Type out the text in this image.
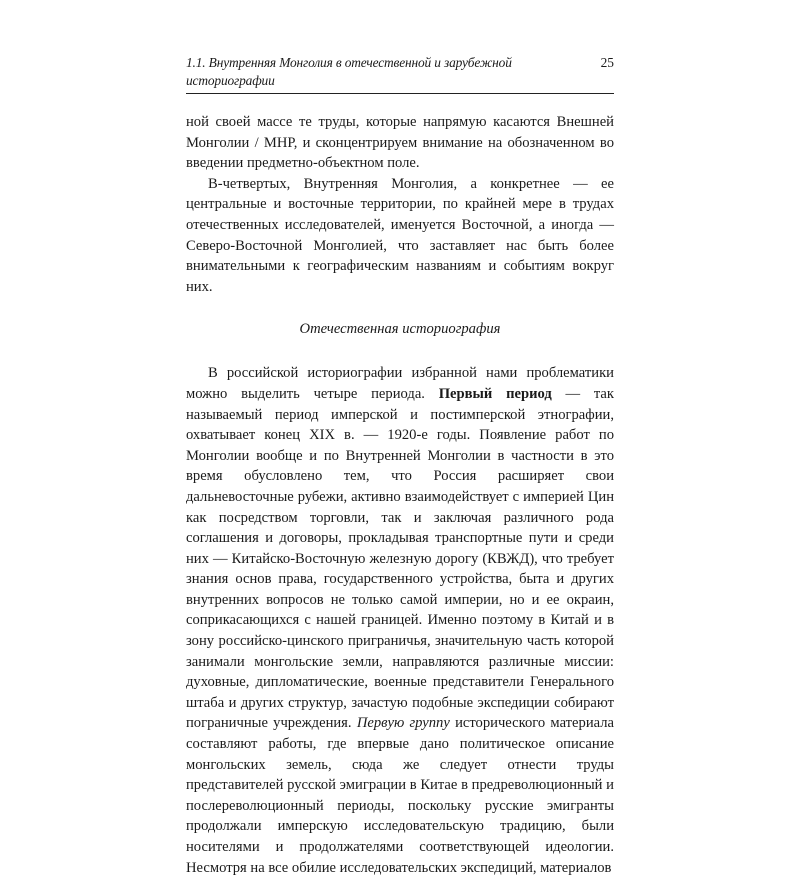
1.1. Внутренняя Монголия в отечественной и зарубежной историографии
25

ной своей массе те труды, которые напрямую касаются Внешней Монголии / МНР, и сконцентрируем внимание на обозначенном во введении предметно-объектном поле.

В-четвертых, Внутренняя Монголия, а конкретнее — ее центральные и восточные территории, по крайней мере в трудах отечественных исследователей, именуется Восточной, а иногда — Северо-Восточной Монголией, что заставляет нас быть более внимательными к географическим названиям и событиям вокруг них.

Отечественная историография

В российской историографии избранной нами проблематики можно выделить четыре периода. Первый период — так называемый период имперской и постимперской этнографии, охватывает конец XIX в. — 1920-е годы. Появление работ по Монголии вообще и по Внутренней Монголии в частности в это время обусловлено тем, что Россия расширяет свои дальневосточные рубежи, активно взаимодействует с империей Цин как посредством торговли, так и заключая различного рода соглашения и договоры, прокладывая транспортные пути и среди них — Китайско-Восточную железную дорогу (КВЖД), что требует знания основ права, государственного устройства, быта и других внутренних вопросов не только самой империи, но и ее окраин, соприкасающихся с нашей границей. Именно поэтому в Китай и в зону российско-цинского приграничья, значительную часть которой занимали монгольские земли, направляются различные миссии: духовные, дипломатические, военные представители Генерального штаба и других структур, зачастую подобные экспедиции собирают пограничные учреждения. Первую группу исторического материала составляют работы, где впервые дано политическое описание монгольских земель, сюда же следует отнести труды представителей русской эмиграции в Китае в предреволюционный и послереволюционный периоды, поскольку русские эмигранты продолжали имперскую исследовательскую традицию, были носителями и продолжателями соответствующей идеологии. Несмотря на все обилие исследовательских экспедиций, материалов
